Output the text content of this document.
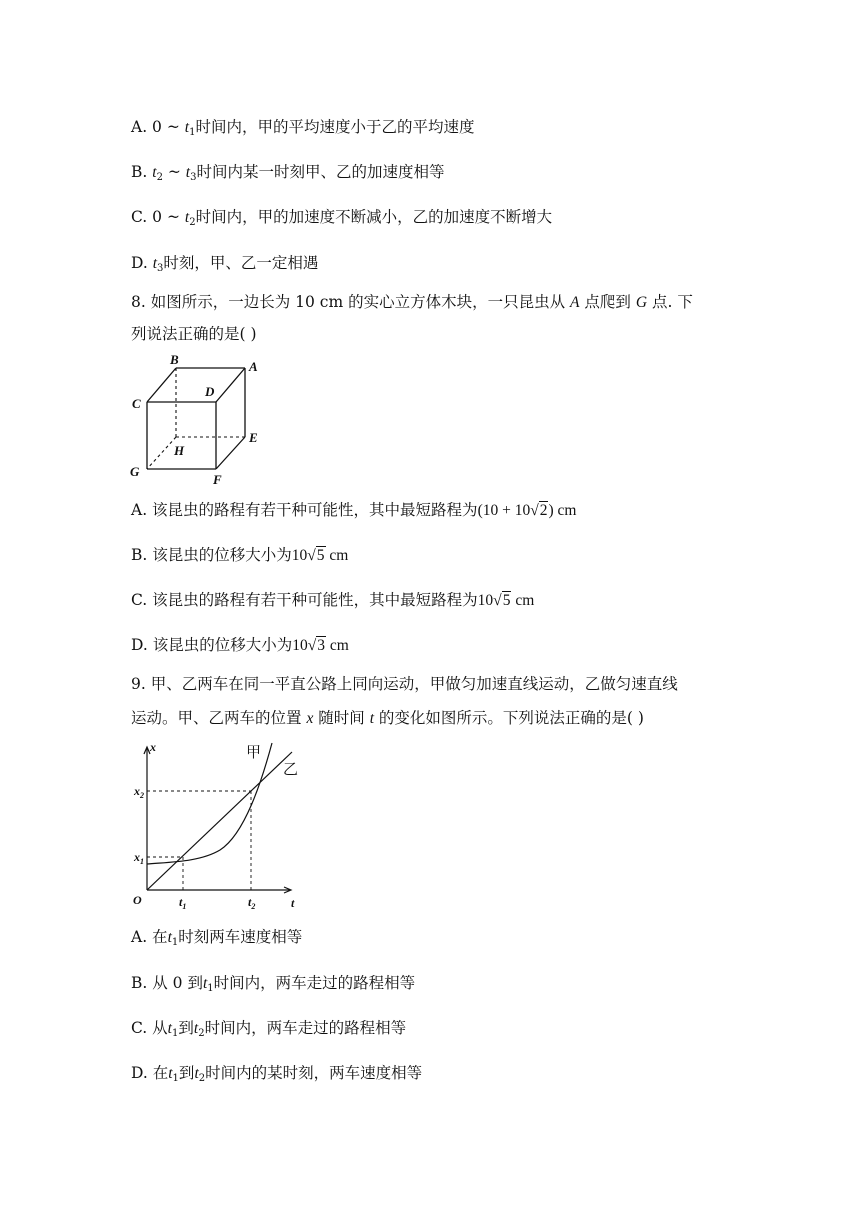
A. 0 ~ $t_1$时间内，甲的平均速度小于乙的平均速度
B. $t_2$ ~ $t_3$时间内某一时刻甲、乙的加速度相等
C. 0 ~ $t_2$时间内，甲的加速度不断减小，乙的加速度不断增大
D. $t_3$时刻，甲、乙一定相遇
8. 如图所示，一边长为 10 cm 的实心立方体木块，一只昆虫从 A 点爬到 G 点. 下
列说法正确的是( )
B	A
D
C
E
H
G
F
A. 该昆虫的路程有若干种可能性，其中最短路程为(10 + 10√2) cm
B. 该昆虫的位移大小为10√5 cm
C. 该昆虫的路程有若干种可能性，其中最短路程为10√5 cm
D. 该昆虫的位移大小为10√3 cm
9. 甲、乙两车在同一平直公路上同向运动，甲做匀加速直线运动，乙做匀速直线
运动。甲、乙两车的位置 x 随时间 t 的变化如图所示。下列说法正确的是( )
x
t
O
$x_1$
$x_2$
$t_1$	$t_2$
甲
乙
A. 在$t_1$时刻两车速度相等
B. 从 0 到$t_1$时间内，两车走过的路程相等
C. 从$t_1$到$t_2$时间内，两车走过的路程相等
D. 在$t_1$到$t_2$时间内的某时刻，两车速度相等
